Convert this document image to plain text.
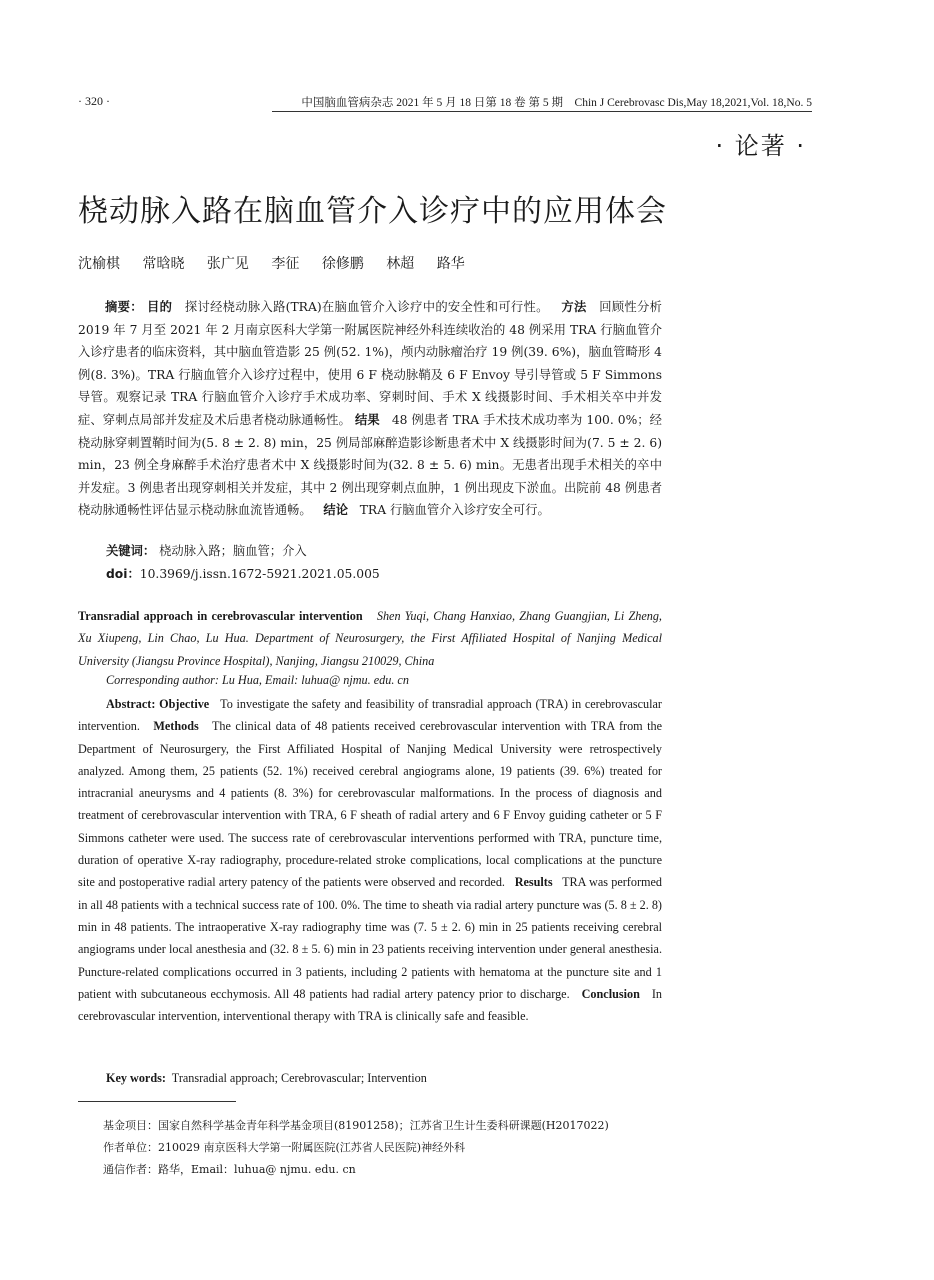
· 320 ·	中国脑血管病杂志 2021 年 5 月 18 日第 18 卷 第 5 期　Chin J Cerebrovasc Dis,May 18,2021,Vol. 18,No. 5
· 论著 ·
桡动脉入路在脑血管介入诊疗中的应用体会
沈榆棋 常晗晓 张广见 李征 徐修鹏 林超 路华

摘要： 目的 探讨经桡动脉入路(TRA)在脑血管介入诊疗中的安全性和可行性。 方法 回顾性分析 2019 年 7 月至 2021 年 2 月南京医科大学第一附属医院神经外科连续收治的 48 例采用 TRA 行脑血管介入诊疗患者的临床资料，其中脑血管造影 25 例(52. 1%)，颅内动脉瘤治疗 19 例(39. 6%)，脑血管畸形 4 例(8. 3%)。TRA 行脑血管介入诊疗过程中，使用 6 F 桡动脉鞘及 6 F Envoy 导引导管或 5 F Simmons 导管。观察记录 TRA 行脑血管介入诊疗手术成功率、穿刺时间、手术 X 线摄影时间、手术相关卒中并发症、穿刺点局部并发症及术后患者桡动脉通畅性。 结果 48 例患者 TRA 手术技术成功率为 100. 0%；经桡动脉穿刺置鞘时间为(5. 8 ± 2. 8) min，25 例局部麻醉造影诊断患者术中 X 线摄影时间为(7. 5 ± 2. 6) min，23 例全身麻醉手术治疗患者术中 X 线摄影时间为(32. 8 ± 5. 6) min。无患者出现手术相关的卒中并发症。3 例患者出现穿刺相关并发症，其中 2 例出现穿刺点血肿，1 例出现皮下淤血。出院前 48 例患者桡动脉通畅性评估显示桡动脉血流皆通畅。 结论 TRA 行脑血管介入诊疗安全可行。

关键词： 桡动脉入路；脑血管；介入
doi：10.3969/j.issn.1672-5921.2021.05.005
Transradial approach in cerebrovascular intervention Shen Yuqi, Chang Hanxiao, Zhang Guangjian, Li Zheng, Xu Xiupeng, Lin Chao, Lu Hua. Department of Neurosurgery, the First Affiliated Hospital of Nanjing Medical University (Jiangsu Province Hospital), Nanjing, Jiangsu 210029, China
Corresponding author: Lu Hua, Email: luhua@ njmu. edu. cn

Abstract: Objective To investigate the safety and feasibility of transradial approach (TRA) in cerebrovascular intervention. Methods The clinical data of 48 patients received cerebrovascular intervention with TRA from the Department of Neurosurgery, the First Affiliated Hospital of Nanjing Medical University were retrospectively analyzed. Among them, 25 patients (52. 1%) received cerebral angiograms alone, 19 patients (39. 6%) treated for intracranial aneurysms and 4 patients (8. 3%) for cerebrovascular malformations. In the process of diagnosis and treatment of cerebrovascular intervention with TRA, 6 F sheath of radial artery and 6 F Envoy guiding catheter or 5 F Simmons catheter were used. The success rate of cerebrovascular interventions performed with TRA, puncture time, duration of operative X-ray radiography, procedure-related stroke complications, local complications at the puncture site and postoperative radial artery patency of the patients were observed and recorded. Results TRA was performed in all 48 patients with a technical success rate of 100. 0%. The time to sheath via radial artery puncture was (5. 8 ± 2. 8) min in 48 patients. The intraoperative X-ray radiography time was (7. 5 ± 2. 6) min in 25 patients receiving cerebral angiograms under local anesthesia and (32. 8 ± 5. 6) min in 23 patients receiving intervention under general anesthesia. Puncture-related complications occurred in 3 patients, including 2 patients with hematoma at the puncture site and 1 patient with subcutaneous ecchymosis. All 48 patients had radial artery patency prior to discharge. Conclusion In cerebrovascular intervention, interventional therapy with TRA is clinically safe and feasible.

Key words: Transradial approach; Cerebrovascular; Intervention
基金项目：国家自然科学基金青年科学基金项目(81901258)；江苏省卫生计生委科研课题(H2017022)
作者单位：210029 南京医科大学第一附属医院(江苏省人民医院)神经外科
通信作者：路华，Email：luhua@ njmu. edu. cn
